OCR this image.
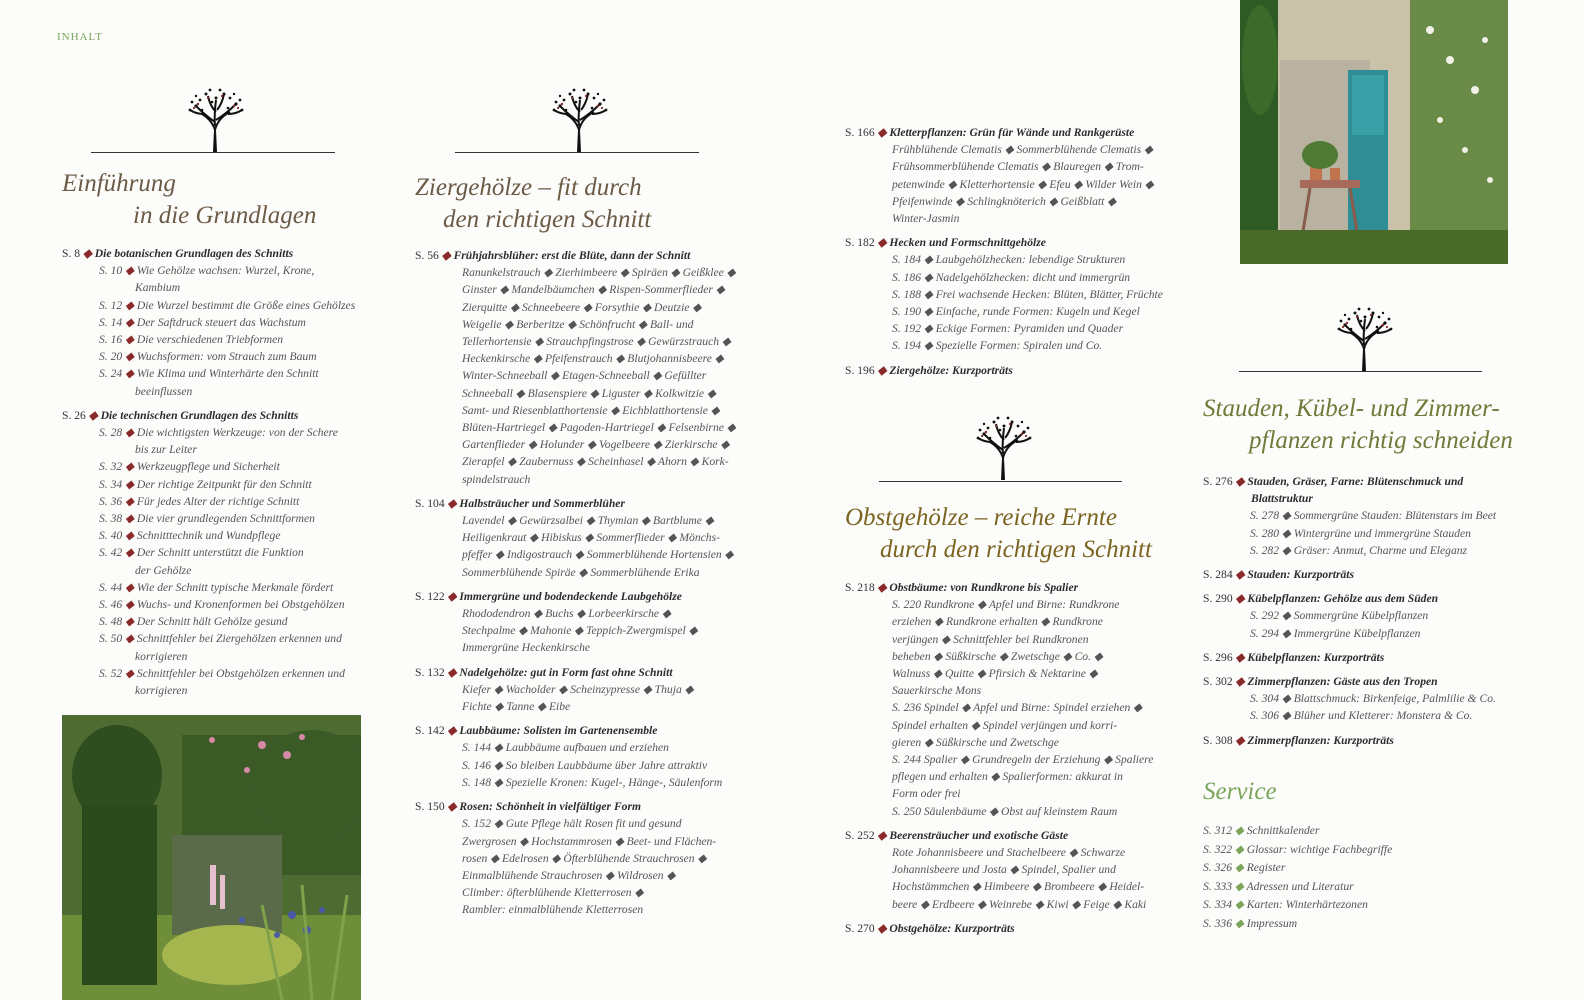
INHALT
Einführung
in die Grundlagen
Ziergehölze – fit durch
den richtigen Schnitt
Obstgehölze – reiche Ernte
durch den richtigen Schnitt
Stauden, Kübel- und Zimmer-
pflanzen richtig schneiden
S. 8 ◆ Die botanischen Grundlagen des Schnitts
S. 10 ◆ Wie Gehölze wachsen: Wurzel, Krone,
Kambium
S. 12 ◆ Die Wurzel bestimmt die Größe eines Gehölzes
S. 14 ◆ Der Saftdruck steuert das Wachstum
S. 16 ◆ Die verschiedenen Triebformen
S. 20 ◆ Wuchsformen: vom Strauch zum Baum
S. 24 ◆ Wie Klima und Winterhärte den Schnitt
beeinflussen
S. 26 ◆ Die technischen Grundlagen des Schnitts
S. 28 ◆ Die wichtigsten Werkzeuge: von der Schere
bis zur Leiter
S. 32 ◆ Werkzeugpflege und Sicherheit
S. 34 ◆ Der richtige Zeitpunkt für den Schnitt
S. 36 ◆ Für jedes Alter der richtige Schnitt
S. 38 ◆ Die vier grundlegenden Schnittformen
S. 40 ◆ Schnitttechnik und Wundpflege
S. 42 ◆ Der Schnitt unterstützt die Funktion
der Gehölze
S. 44 ◆ Wie der Schnitt typische Merkmale fördert
S. 46 ◆ Wuchs- und Kronenformen bei Obstgehölzen
S. 48 ◆ Der Schnitt hält Gehölze gesund
S. 50 ◆ Schnittfehler bei Ziergehölzen erkennen und
korrigieren
S. 52 ◆ Schnittfehler bei Obstgehölzen erkennen und
korrigieren
S. 56 ◆ Frühjahrsblüher: erst die Blüte, dann der Schnitt
Ranunkelstrauch ◆ Zierhimbeere ◆ Spiräen ◆ Geißklee ◆
Ginster ◆ Mandelbäumchen ◆ Rispen-Sommerflieder ◆
Zierquitte ◆ Schneebeere ◆ Forsythie ◆ Deutzie ◆
Weigelie ◆ Berberitze ◆ Schönfrucht ◆ Ball- und
Tellerhortensie ◆ Strauchpfingstrose ◆ Gewürzstrauch ◆
Heckenkirsche ◆ Pfeifenstrauch ◆ Blutjohannisbeere ◆
Winter-Schneeball ◆ Etagen-Schneeball ◆ Gefüllter
Schneeball ◆ Blasenspiere ◆ Liguster ◆ Kolkwitzie ◆
Samt- und Riesenblatthortensie ◆ Eichblatthortensie ◆
Blüten-Hartriegel ◆ Pagoden-Hartriegel ◆ Felsenbirne ◆
Gartenflieder ◆ Holunder ◆ Vogelbeere ◆ Zierkirsche ◆
Zierapfel ◆ Zaubernuss ◆ Scheinhasel ◆ Ahorn ◆ Kork-
spindelstrauch
S. 104 ◆ Halbsträucher und Sommerblüher
Lavendel ◆ Gewürzsalbei ◆ Thymian ◆ Bartblume ◆
Heiligenkraut ◆ Hibiskus ◆ Sommerflieder ◆ Mönchs-
pfeffer ◆ Indigostrauch ◆ Sommerblühende Hortensien ◆
Sommerblühende Spiräe ◆ Sommerblühende Erika
S. 122 ◆ Immergrüne und bodendeckende Laubgehölze
Rhododendron ◆ Buchs ◆ Lorbeerkirsche ◆
Stechpalme ◆ Mahonie ◆ Teppich-Zwergmispel ◆
Immergrüne Heckenkirsche
S. 132 ◆ Nadelgehölze: gut in Form fast ohne Schnitt
Kiefer ◆ Wacholder ◆ Scheinzypresse ◆ Thuja ◆
Fichte ◆ Tanne ◆ Eibe
S. 142 ◆ Laubbäume: Solisten im Gartenensemble
S. 144 ◆ Laubbäume aufbauen und erziehen
S. 146 ◆ So bleiben Laubbäume über Jahre attraktiv
S. 148 ◆ Spezielle Kronen: Kugel-, Hänge-, Säulenform
S. 150 ◆ Rosen: Schönheit in vielfältiger Form
S. 152 ◆ Gute Pflege hält Rosen fit und gesund
Zwergrosen ◆ Hochstammrosen ◆ Beet- und Flächen-
rosen ◆ Edelrosen ◆ Öfterblühende Strauchrosen ◆
Einmalblühende Strauchrosen ◆ Wildrosen ◆
Climber: öfterblühende Kletterrosen ◆
Rambler: einmalblühende Kletterrosen
S. 166 ◆ Kletterpflanzen: Grün für Wände und Rankgerüste
Frühblühende Clematis ◆ Sommerblühende Clematis ◆
Frühsommerblühende Clematis ◆ Blauregen ◆ Trom-
petenwinde ◆ Kletterhortensie ◆ Efeu ◆ Wilder Wein ◆
Pfeifenwinde ◆ Schlingknöterich ◆ Geißblatt ◆
Winter-Jasmin
S. 182 ◆ Hecken und Formschnittgehölze
S. 184 ◆ Laubgehölzhecken: lebendige Strukturen
S. 186 ◆ Nadelgehölzhecken: dicht und immergrün
S. 188 ◆ Frei wachsende Hecken: Blüten, Blätter, Früchte
S. 190 ◆ Einfache, runde Formen: Kugeln und Kegel
S. 192 ◆ Eckige Formen: Pyramiden und Quader
S. 194 ◆ Spezielle Formen: Spiralen und Co.
S. 196 ◆ Ziergehölze: Kurzporträts
S. 218 ◆ Obstbäume: von Rundkrone bis Spalier
S. 220 Rundkrone ◆ Apfel und Birne: Rundkrone
erziehen ◆ Rundkrone erhalten ◆ Rundkrone
verjüngen ◆ Schnittfehler bei Rundkronen
beheben ◆ Süßkirsche ◆ Zwetschge ◆ Co. ◆
Walnuss ◆ Quitte ◆ Pfirsich & Nektarine ◆
Sauerkirsche Mons
S. 236 Spindel ◆ Apfel und Birne: Spindel erziehen ◆
Spindel erhalten ◆ Spindel verjüngen und korri-
gieren ◆ Süßkirsche und Zwetschge
S. 244 Spalier ◆ Grundregeln der Erziehung ◆ Spaliere
pflegen und erhalten ◆ Spalierformen: akkurat in
Form oder frei
S. 250 Säulenbäume ◆ Obst auf kleinstem Raum
S. 252 ◆ Beerensträucher und exotische Gäste
Rote Johannisbeere und Stachelbeere ◆ Schwarze
Johannisbeere und Josta ◆ Spindel, Spalier und
Hochstämmchen ◆ Himbeere ◆ Brombeere ◆ Heidel-
beere ◆ Erdbeere ◆ Weinrebe ◆ Kiwi ◆ Feige ◆ Kaki
S. 270 ◆ Obstgehölze: Kurzporträts
S. 276 ◆ Stauden, Gräser, Farne: Blütenschmuck und
Blattstruktur
S. 278 ◆ Sommergrüne Stauden: Blütenstars im Beet
S. 280 ◆ Wintergrüne und immergrüne Stauden
S. 282 ◆ Gräser: Anmut, Charme und Eleganz
S. 284 ◆ Stauden: Kurzporträts
S. 290 ◆ Kübelpflanzen: Gehölze aus dem Süden
S. 292 ◆ Sommergrüne Kübelpflanzen
S. 294 ◆ Immergrüne Kübelpflanzen
S. 296 ◆ Kübelpflanzen: Kurzporträts
S. 302 ◆ Zimmerpflanzen: Gäste aus den Tropen
S. 304 ◆ Blattschmuck: Birkenfeige, Palmlilie & Co.
S. 306 ◆ Blüher und Kletterer: Monstera & Co.
S. 308 ◆ Zimmerpflanzen: Kurzporträts
Service
S. 312 ◆ Schnittkalender
S. 322 ◆ Glossar: wichtige Fachbegriffe
S. 326 ◆ Register
S. 333 ◆ Adressen und Literatur
S. 334 ◆ Karten: Winterhärtezonen
S. 336 ◆ Impressum
